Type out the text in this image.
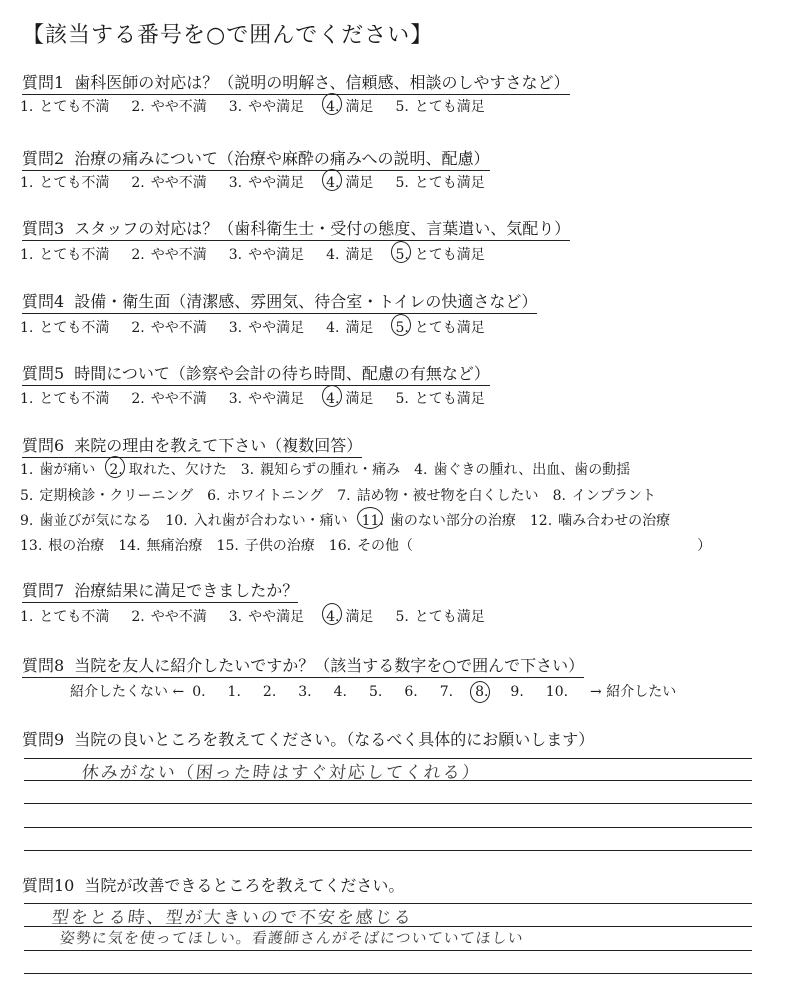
【該当する番号を○で囲んでください】
質問1 歯科医師の対応は？（説明の明解さ、信頼感、相談のしやすさなど）
1. とても不満 2. やや不満 3. やや満足 4. 満足 5. とても満足
質問2 治療の痛みについて（治療や麻酔の痛みへの説明、配慮）
1. とても不満 2. やや不満 3. やや満足 4. 満足 5. とても満足
質問3 スタッフの対応は？（歯科衛生士・受付の態度、言葉遣い、気配り）
1. とても不満 2. やや不満 3. やや満足 4. 満足 5. とても満足
質問4 設備・衛生面（清潔感、雰囲気、待合室・トイレの快適さなど）
1. とても不満 2. やや不満 3. やや満足 4. 満足 5. とても満足
質問5 時間について（診察や会計の待ち時間、配慮の有無など）
1. とても不満 2. やや不満 3. やや満足 4. 満足 5. とても満足
質問6 来院の理由を教えて下さい（複数回答）
1. 歯が痛い 2. 取れた、欠けた 3. 親知らずの腫れ・痛み 4. 歯ぐきの腫れ、出血、歯の動揺
5. 定期検診・クリーニング 6. ホワイトニング 7. 詰め物・被せ物を白くしたい 8. インプラント
9. 歯並びが気になる 10. 入れ歯が合わない・痛い 11. 歯のない部分の治療 12. 噛み合わせの治療
13. 根の治療 14. 無痛治療 15. 子供の治療 16. その他（	）
質問7 治療結果に満足できましたか？
1. とても不満 2. やや不満 3. やや満足 4. 満足 5. とても満足
質問8 当院を友人に紹介したいですか？（該当する数字を○で囲んで下さい）
紹介したくない ← 0. 1. 2. 3. 4. 5. 6. 7. 8. 9. 10. → 紹介したい
質問9 当院の良いところを教えてください。（なるべく具体的にお願いします）
休みがない（困った時はすぐ対応してくれる）
質問10 当院が改善できるところを教えてください。
型をとる時、型が大きいので不安を感じる
姿勢に気を使ってほしい。看護師さんがそばについていてほしい
